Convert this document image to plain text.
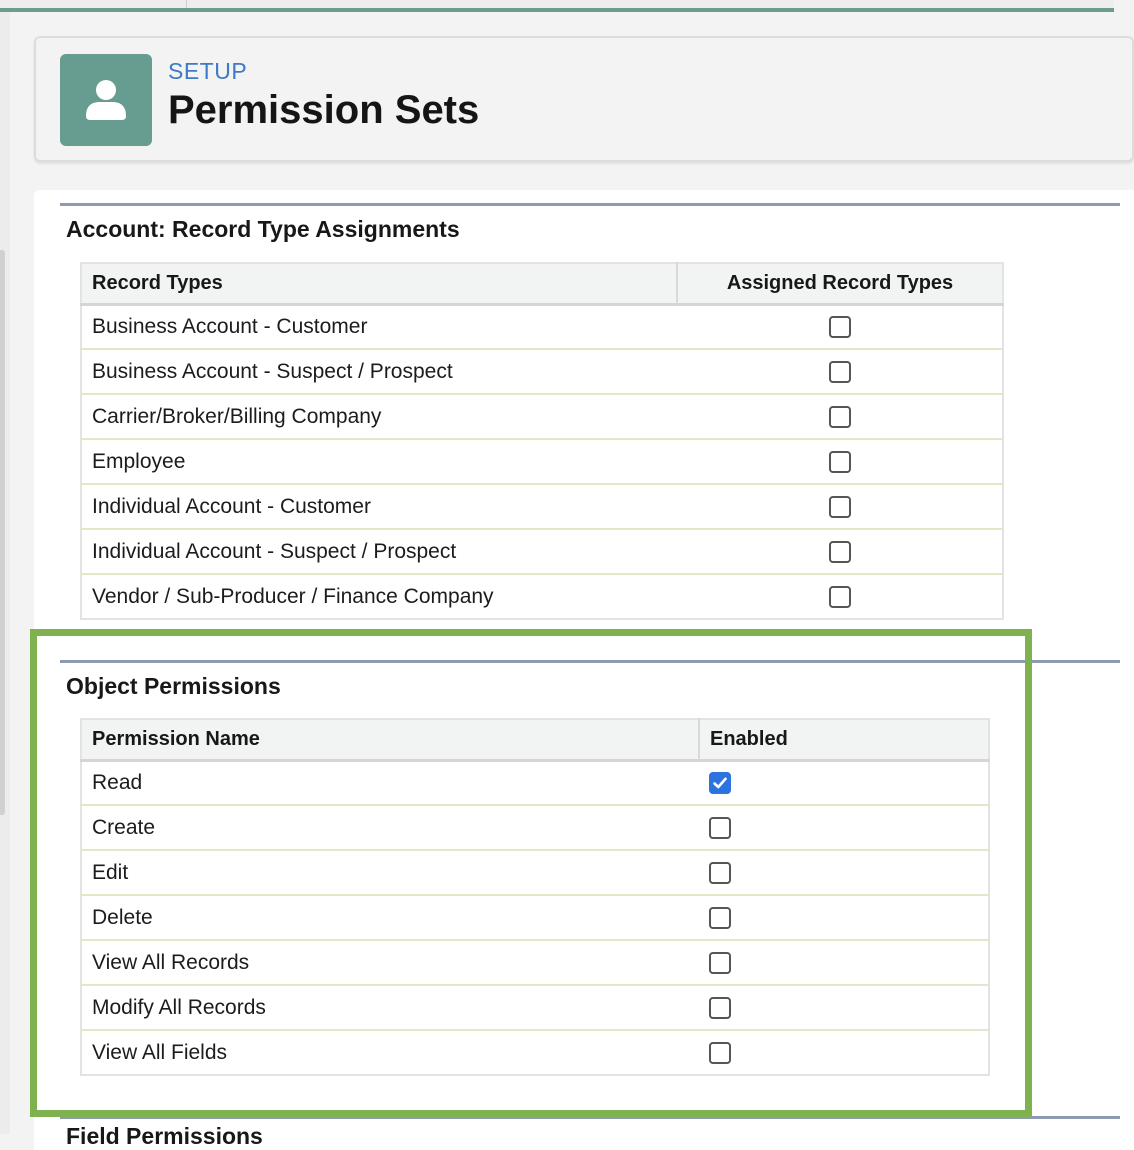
SETUP
Permission Sets
Account: Record Type Assignments
Record Types	Assigned Record Types
Business Account - Customer	
Business Account - Suspect / Prospect	
Carrier/Broker/Billing Company	
Employee	
Individual Account - Customer	
Individual Account - Suspect / Prospect	
Vendor / Sub-Producer / Finance Company	
Object Permissions
Permission Name	Enabled
Read	

Create	
Edit	
Delete	
View All Records	
Modify All Records	
View All Fields	
